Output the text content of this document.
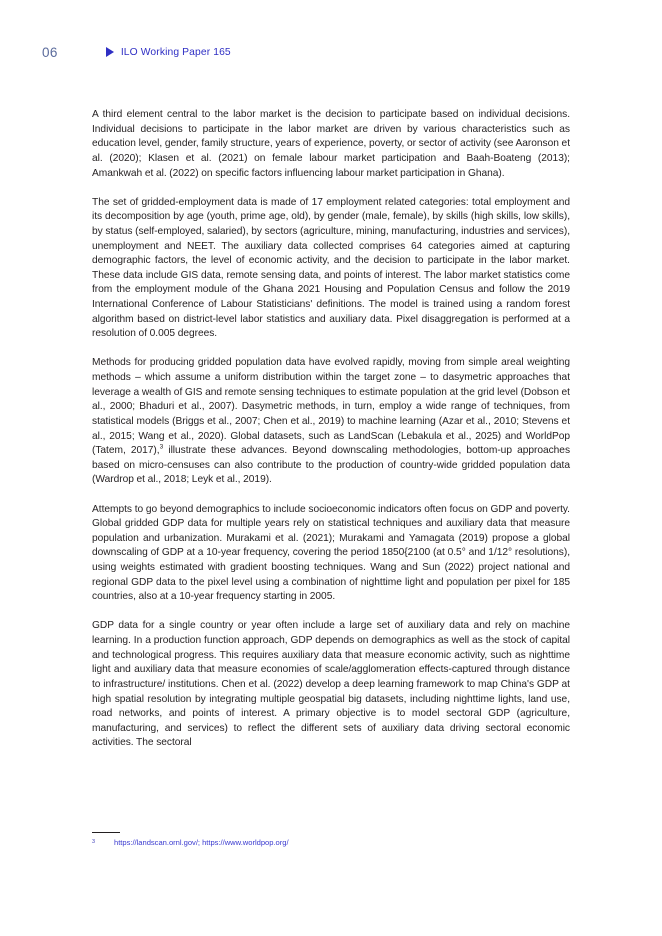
06	ILO Working Paper 165

A third element central to the labor market is the decision to participate based on individual decisions. Individual decisions to participate in the labor market are driven by various characteristics such as education level, gender, family structure, years of experience, poverty, or sector of activity (see Aaronson et al. (2020); Klasen et al. (2021) on female labour market participation and Baah-Boateng (2013); Amankwah et al. (2022) on specific factors influencing labour market participation in Ghana).

The set of gridded-employment data is made of 17 employment related categories: total employment and its decomposition by age (youth, prime age, old), by gender (male, female), by skills (high skills, low skills), by status (self-employed, salaried), by sectors (agriculture, mining, manufacturing, industries and services), unemployment and NEET. The auxiliary data collected comprises 64 categories aimed at capturing demographic factors, the level of economic activity, and the decision to participate in the labor market. These data include GIS data, remote sensing data, and points of interest. The labor market statistics come from the employment module of the Ghana 2021 Housing and Population Census and follow the 2019 International Conference of Labour Statisticians' definitions. The model is trained using a random forest algorithm based on district-level labor statistics and auxiliary data. Pixel disaggregation is performed at a resolution of 0.005 degrees.

Methods for producing gridded population data have evolved rapidly, moving from simple areal weighting methods – which assume a uniform distribution within the target zone – to dasymetric approaches that leverage a wealth of GIS and remote sensing techniques to estimate population at the grid level (Dobson et al., 2000; Bhaduri et al., 2007). Dasymetric methods, in turn, employ a wide range of techniques, from statistical models (Briggs et al., 2007; Chen et al., 2019) to machine learning (Azar et al., 2010; Stevens et al., 2015; Wang et al., 2020). Global datasets, such as LandScan (Lebakula et al., 2025) and WorldPop (Tatem, 2017),$^3$ illustrate these advances. Beyond downscaling methodologies, bottom-up approaches based on micro-censuses can also contribute to the production of country-wide gridded population data (Wardrop et al., 2018; Leyk et al., 2019).

Attempts to go beyond demographics to include socioeconomic indicators often focus on GDP and poverty. Global gridded GDP data for multiple years rely on statistical techniques and auxiliary data that measure population and urbanization. Murakami et al. (2021); Murakami and Yamagata (2019) propose a global downscaling of GDP at a 10-year frequency, covering the period 1850{2100 (at 0.5° and 1/12° resolutions), using weights estimated with gradient boosting techniques. Wang and Sun (2022) project national and regional GDP data to the pixel level using a combination of nighttime light and population per pixel for 185 countries, also at a 10-year frequency starting in 2005.

GDP data for a single country or year often include a large set of auxiliary data and rely on machine learning. In a production function approach, GDP depends on demographics as well as the stock of capital and technological progress. This requires auxiliary data that measure economic activity, such as nighttime light and auxiliary data that measure economies of scale/agglomeration effects-captured through distance to infrastructure/ institutions. Chen et al. (2022) develop a deep learning framework to map China's GDP at high spatial resolution by integrating multiple geospatial big datasets, including nighttime lights, land use, road networks, and points of interest. A primary objective is to model sectoral GDP (agriculture, manufacturing, and services) to reflect the different sets of auxiliary data driving sectoral economic activities. The sectoral

3	https://landscan.ornl.gov/; https://www.worldpop.org/
